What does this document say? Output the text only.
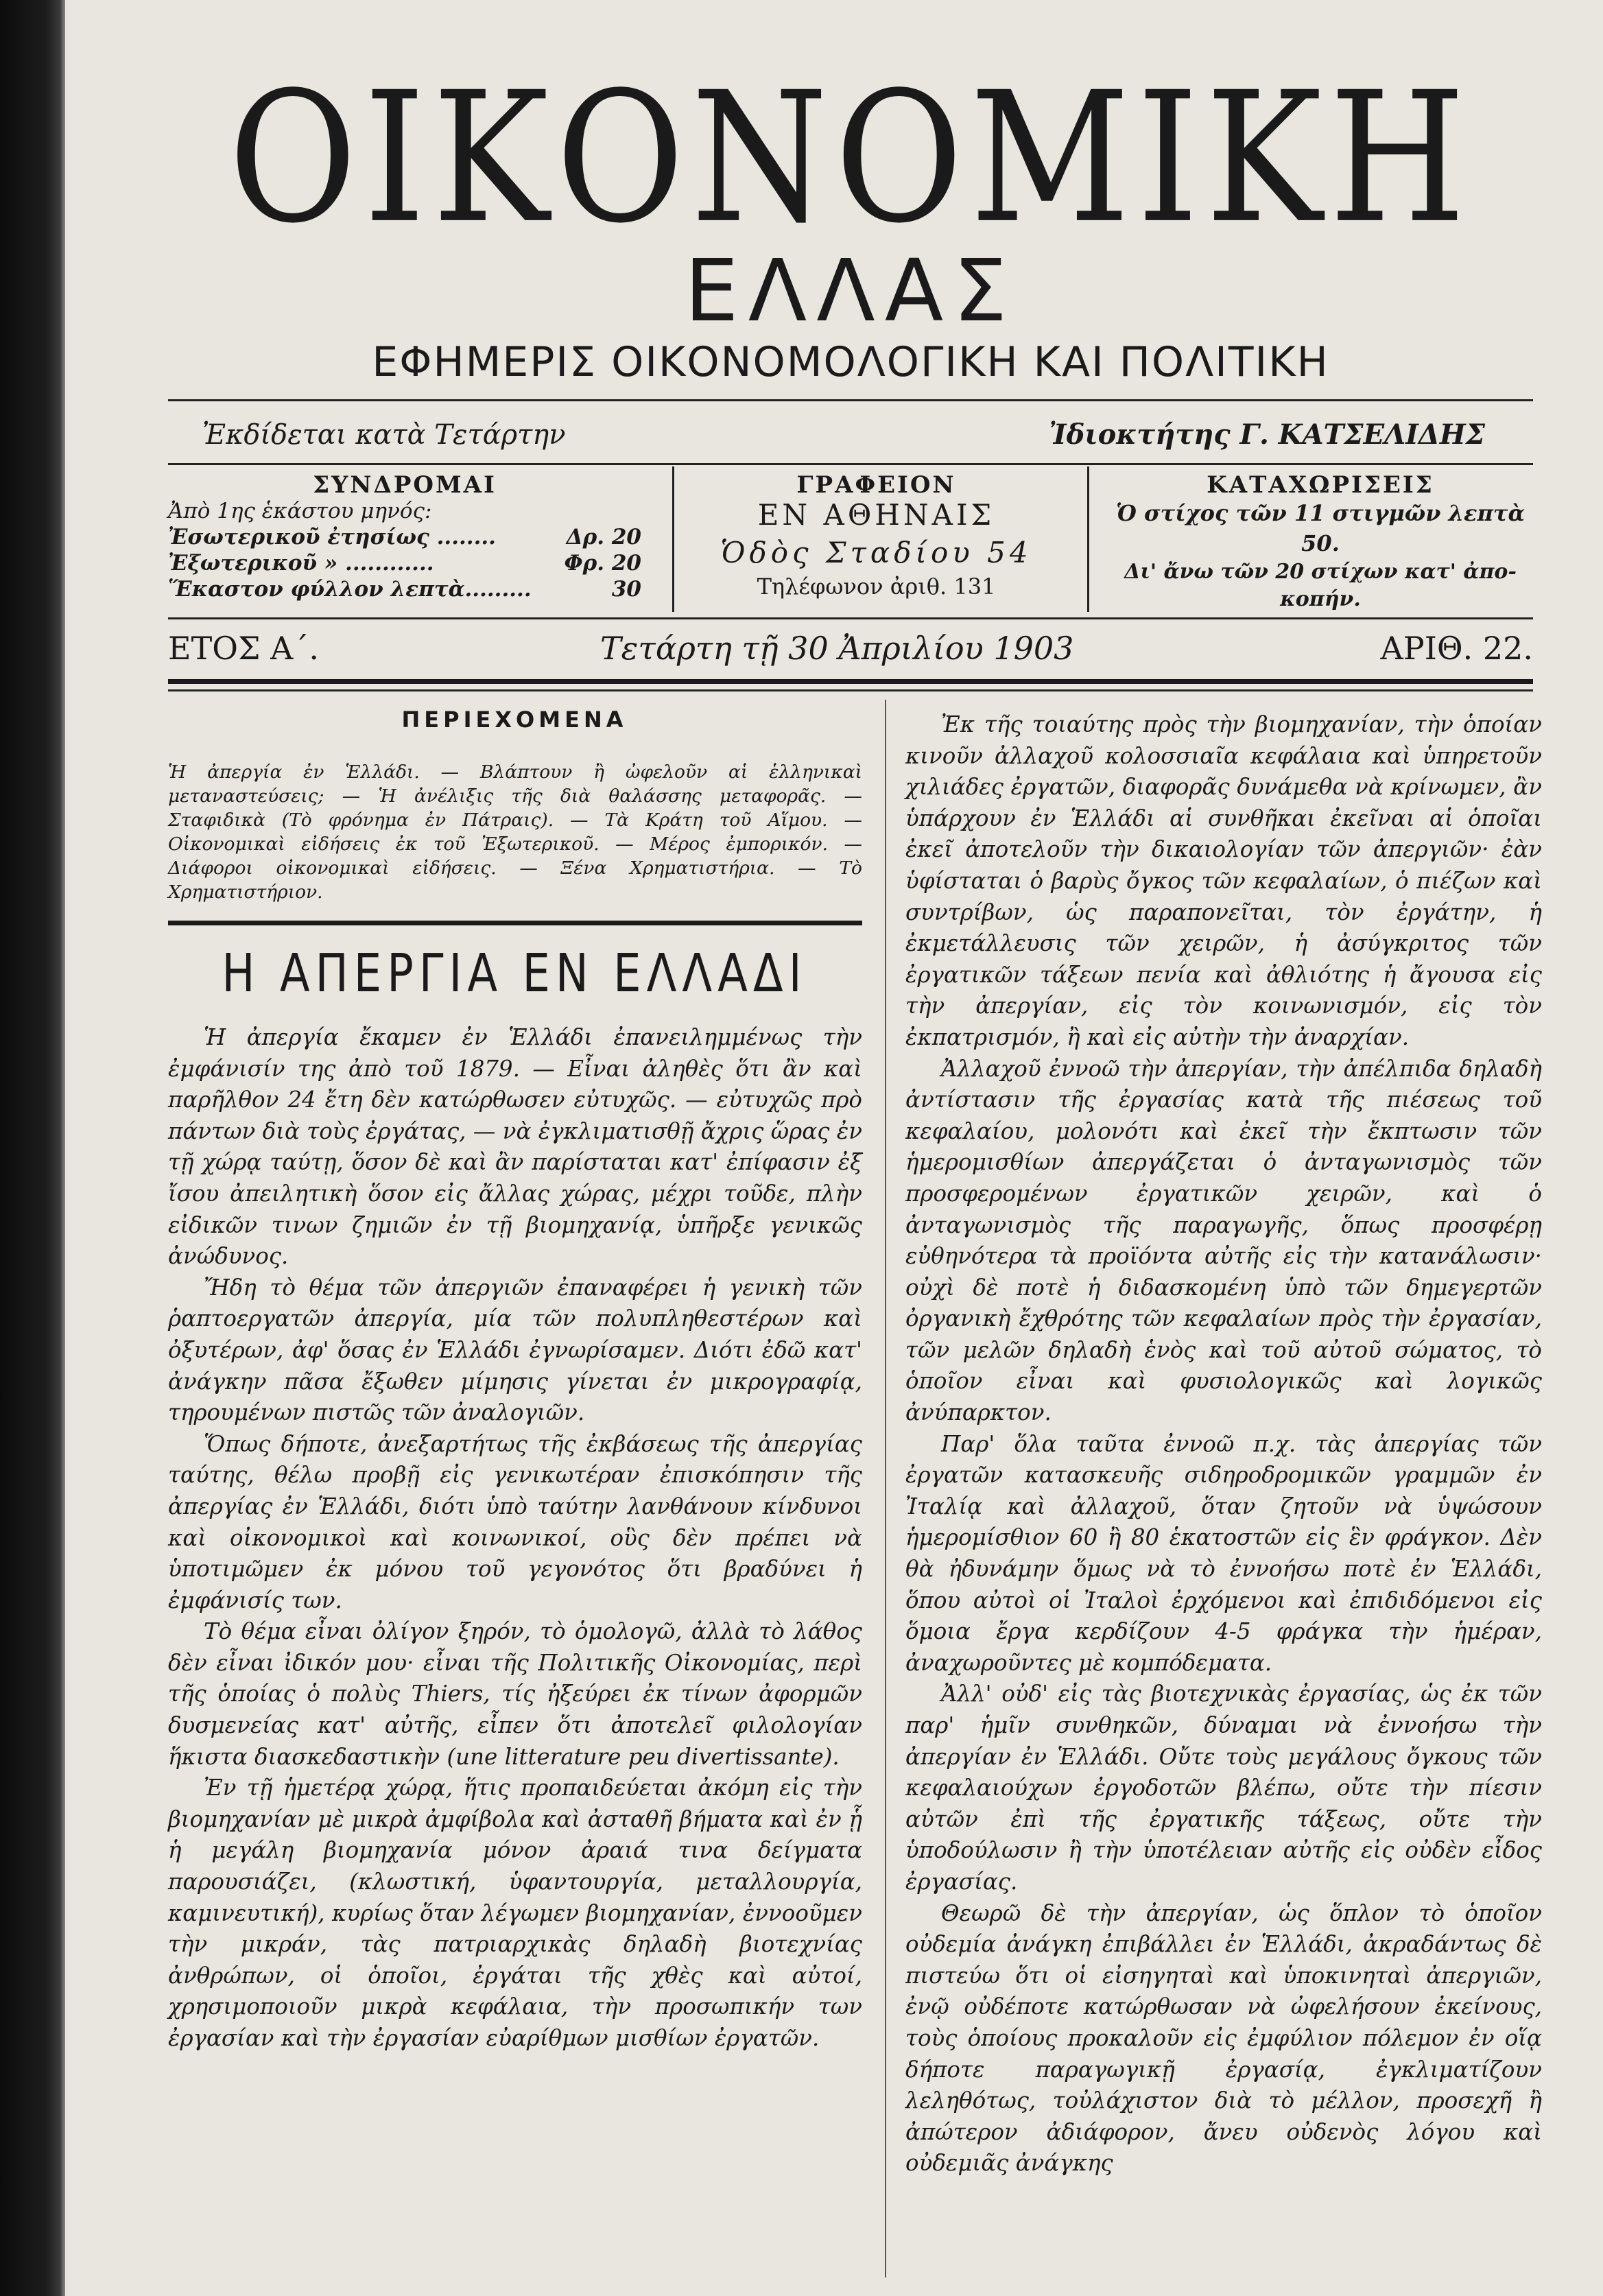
ΟΙΚΟΝΟΜΙΚΗ
ΕΛΛΑΣ
ΕΦΗΜΕΡΙΣ ΟΙΚΟΝΟΜΟΛΟΓΙΚΗ ΚΑΙ ΠΟΛΙΤΙΚΗ
Ἐκδίδεται κατὰ Τετάρτην	Ἰδιοκτήτης Γ. ΚΑΤΣΕΛΙΔΗΣ
ΣΥΝΔΡΟΜΑΙ
Ἀπὸ 1ης ἑκάστου μηνός:
Ἐσωτερικοῦ ἐτησίως ........	Δρ. 20
Ἐξωτερικοῦ » ............	Φρ. 20
Ἕκαστον φύλλον λεπτὰ.........	30
ΓΡΑΦΕΙΟΝ
ΕΝ ΑΘΗΝΑΙΣ
Ὁδὸς Σταδίου 54
Τηλέφωνον ἀριθ. 131
ΚΑΤΑΧΩΡΙΣΕΙΣ
Ὁ στίχος τῶν 11 στιγμῶν λεπτὰ 50.
Δι' ἄνω τῶν 20 στίχων κατ' ἀπο-
κοπήν.
ΕΤΟΣ Α΄.	Τετάρτη τῇ 30 Ἀπριλίου 1903	ΑΡΙΘ. 22.
ΠΕΡΙΕΧΟΜΕΝΑ
Ἡ ἀπεργία ἐν Ἑλλάδι. — Βλάπτουν ἢ ὠφελοῦν αἱ ἑλληνικαὶ μεταναστεύσεις; — Ἡ ἀνέλιξις τῆς διὰ θαλάσσης μεταφορᾶς. — Σταφιδικὰ (Τὸ φρόνημα ἐν Πάτραις). — Τὰ Κράτη τοῦ Αἵμου. — Οἰκονομικαὶ εἰδήσεις ἐκ τοῦ Ἐξωτερικοῦ. — Μέρος ἐμπορικόν. — Διάφοροι οἰκονομικαὶ εἰδήσεις. — Ξένα Χρηματιστήρια. — Τὸ Χρηματιστήριον.
Η ΑΠΕΡΓΙΑ ΕΝ ΕΛΛΑΔΙ

Ἡ ἀπεργία ἔκαμεν ἐν Ἑλλάδι ἐπανειλημμένως τὴν ἐμφάνισίν της ἀπὸ τοῦ 1879. — Εἶναι ἀληθὲς ὅτι ἂν καὶ παρῆλθον 24 ἔτη δὲν κατώρθωσεν εὐτυχῶς. — εὐτυχῶς πρὸ πάντων διὰ τοὺς ἐργάτας, — νὰ ἐγκλιματισθῇ ἄχρις ὥρας ἐν τῇ χώρᾳ ταύτῃ, ὅσον δὲ καὶ ἂν παρίσταται κατ' ἐπίφασιν ἐξ ἴσου ἀπειλητικὴ ὅσον εἰς ἄλλας χώρας, μέχρι τοῦδε, πλὴν εἰδικῶν τινων ζημιῶν ἐν τῇ βιομηχανίᾳ, ὑπῆρξε γενικῶς ἀνώδυνος.

Ἤδη τὸ θέμα τῶν ἀπεργιῶν ἐπαναφέρει ἡ γενικὴ τῶν ῥαπτοεργατῶν ἀπεργία, μία τῶν πολυπληθεστέρων καὶ ὀξυτέρων, ἀφ' ὅσας ἐν Ἑλλάδι ἐγνωρίσαμεν. Διότι ἐδῶ κατ' ἀνάγκην πᾶσα ἔξωθεν μίμησις γίνεται ἐν μικρογραφίᾳ, τηρουμένων πιστῶς τῶν ἀναλογιῶν.

Ὅπως δήποτε, ἀνεξαρτήτως τῆς ἐκβάσεως τῆς ἀπεργίας ταύτης, θέλω προβῇ εἰς γενικωτέραν ἐπισκόπησιν τῆς ἀπεργίας ἐν Ἑλλάδι, διότι ὑπὸ ταύτην λανθάνουν κίνδυνοι καὶ οἰκονομικοὶ καὶ κοινωνικοί, οὓς δὲν πρέπει νὰ ὑποτιμῶμεν ἐκ μόνου τοῦ γεγονότος ὅτι βραδύνει ἡ ἐμφάνισίς των.

Τὸ θέμα εἶναι ὀλίγον ξηρόν, τὸ ὁμολογῶ, ἀλλὰ τὸ λάθος δὲν εἶναι ἰδικόν μου· εἶναι τῆς Πολιτικῆς Οἰκονομίας, περὶ τῆς ὁποίας ὁ πολὺς Thiers, τίς ἠξεύρει ἐκ τίνων ἀφορμῶν δυσμενείας κατ' αὐτῆς, εἶπεν ὅτι ἀποτελεῖ φιλολογίαν ἥκιστα διασκεδαστικὴν (une litterature peu divertissante).

Ἐν τῇ ἡμετέρᾳ χώρᾳ, ἥτις προπαιδεύεται ἀκόμη εἰς τὴν βιομηχανίαν μὲ μικρὰ ἀμφίβολα καὶ ἀσταθῆ βήματα καὶ ἐν ᾗ ἡ μεγάλη βιομηχανία μόνον ἀραιά τινα δείγματα παρουσιάζει, (κλωστική, ὑφαντουργία, μεταλλουργία, καμινευτική), κυρίως ὅταν λέγωμεν βιομηχανίαν, ἐννοοῦμεν τὴν μικράν, τὰς πατριαρχικὰς δηλαδὴ βιοτεχνίας ἀνθρώπων, οἱ ὁποῖοι, ἐργάται τῆς χθὲς καὶ αὐτοί, χρησιμοποιοῦν μικρὰ κεφάλαια, τὴν προσωπικήν των ἐργασίαν καὶ τὴν ἐργασίαν εὐαρίθμων μισθίων ἐργατῶν.

Ἐκ τῆς τοιαύτης πρὸς τὴν βιομηχανίαν, τὴν ὁποίαν κινοῦν ἀλλαχοῦ κολοσσιαῖα κεφάλαια καὶ ὑπηρετοῦν χιλιάδες ἐργατῶν, διαφορᾶς δυνάμεθα νὰ κρίνωμεν, ἂν ὑπάρχουν ἐν Ἑλλάδι αἱ συνθῆκαι ἐκεῖναι αἱ ὁποῖαι ἐκεῖ ἀποτελοῦν τὴν δικαιολογίαν τῶν ἀπεργιῶν· ἐὰν ὑφίσταται ὁ βαρὺς ὄγκος τῶν κεφαλαίων, ὁ πιέζων καὶ συντρίβων, ὡς παραπονεῖται, τὸν ἐργάτην, ἡ ἐκμετάλλευσις τῶν χειρῶν, ἡ ἀσύγκριτος τῶν ἐργατικῶν τάξεων πενία καὶ ἀθλιότης ἡ ἄγουσα εἰς τὴν ἀπεργίαν, εἰς τὸν κοινωνισμόν, εἰς τὸν ἐκπατρισμόν, ἢ καὶ εἰς αὐτὴν τὴν ἀναρχίαν.

Ἀλλαχοῦ ἐννοῶ τὴν ἀπεργίαν, τὴν ἀπέλπιδα δηλαδὴ ἀντίστασιν τῆς ἐργασίας κατὰ τῆς πιέσεως τοῦ κεφαλαίου, μολονότι καὶ ἐκεῖ τὴν ἔκπτωσιν τῶν ἡμερομισθίων ἀπεργάζεται ὁ ἀνταγωνισμὸς τῶν προσφερομένων ἐργατικῶν χειρῶν, καὶ ὁ ἀνταγωνισμὸς τῆς παραγωγῆς, ὅπως προσφέρῃ εὐθηνότερα τὰ προϊόντα αὐτῆς εἰς τὴν κατανάλωσιν· οὐχὶ δὲ ποτὲ ἡ διδασκομένη ὑπὸ τῶν δημεγερτῶν ὀργανικὴ ἔχθρότης τῶν κεφαλαίων πρὸς τὴν ἐργασίαν, τῶν μελῶν δηλαδὴ ἑνὸς καὶ τοῦ αὐτοῦ σώματος, τὸ ὁποῖον εἶναι καὶ φυσιολογικῶς καὶ λογικῶς ἀνύπαρκτον.

Παρ' ὅλα ταῦτα ἐννοῶ π.χ. τὰς ἀπεργίας τῶν ἐργατῶν κατασκευῆς σιδηροδρομικῶν γραμμῶν ἐν Ἰταλίᾳ καὶ ἀλλαχοῦ, ὅταν ζητοῦν νὰ ὑψώσουν ἡμερομίσθιον 60 ἢ 80 ἑκατοστῶν εἰς ἓν φράγκον. Δὲν θὰ ἠδυνάμην ὅμως νὰ τὸ ἐννοήσω ποτὲ ἐν Ἑλλάδι, ὅπου αὐτοὶ οἱ Ἰταλοὶ ἐρχόμενοι καὶ ἐπιδιδόμενοι εἰς ὅμοια ἔργα κερδίζουν 4-5 φράγκα τὴν ἡμέραν, ἀναχωροῦντες μὲ κομπόδεματα.

Ἀλλ' οὐδ' εἰς τὰς βιοτεχνικὰς ἐργασίας, ὡς ἐκ τῶν παρ' ἡμῖν συνθηκῶν, δύναμαι νὰ ἐννοήσω τὴν ἀπεργίαν ἐν Ἑλλάδι. Οὔτε τοὺς μεγάλους ὄγκους τῶν κεφαλαιούχων ἐργοδοτῶν βλέπω, οὔτε τὴν πίεσιν αὐτῶν ἐπὶ τῆς ἐργατικῆς τάξεως, οὔτε τὴν ὑποδούλωσιν ἢ τὴν ὑποτέλειαν αὐτῆς εἰς οὐδὲν εἶδος ἐργασίας.

Θεωρῶ δὲ τὴν ἀπεργίαν, ὡς ὅπλον τὸ ὁποῖον οὐδεμία ἀνάγκη ἐπιβάλλει ἐν Ἑλλάδι, ἀκραδάντως δὲ πιστεύω ὅτι οἱ εἰσηγηταὶ καὶ ὑποκινηταὶ ἀπεργιῶν, ἐνῷ οὐδέποτε κατώρθωσαν νὰ ὠφελήσουν ἐκείνους, τοὺς ὁποίους προκαλοῦν εἰς ἐμφύλιον πόλεμον ἐν οἵᾳ δήποτε παραγωγικῇ ἐργασίᾳ, ἐγκλιματίζουν λεληθότως, τοὐλάχιστον διὰ τὸ μέλλον, προσεχῆ ἢ ἀπώτερον ἀδιάφορον, ἄνευ οὐδενὸς λόγου καὶ οὐδεμιᾶς ἀνάγκης
